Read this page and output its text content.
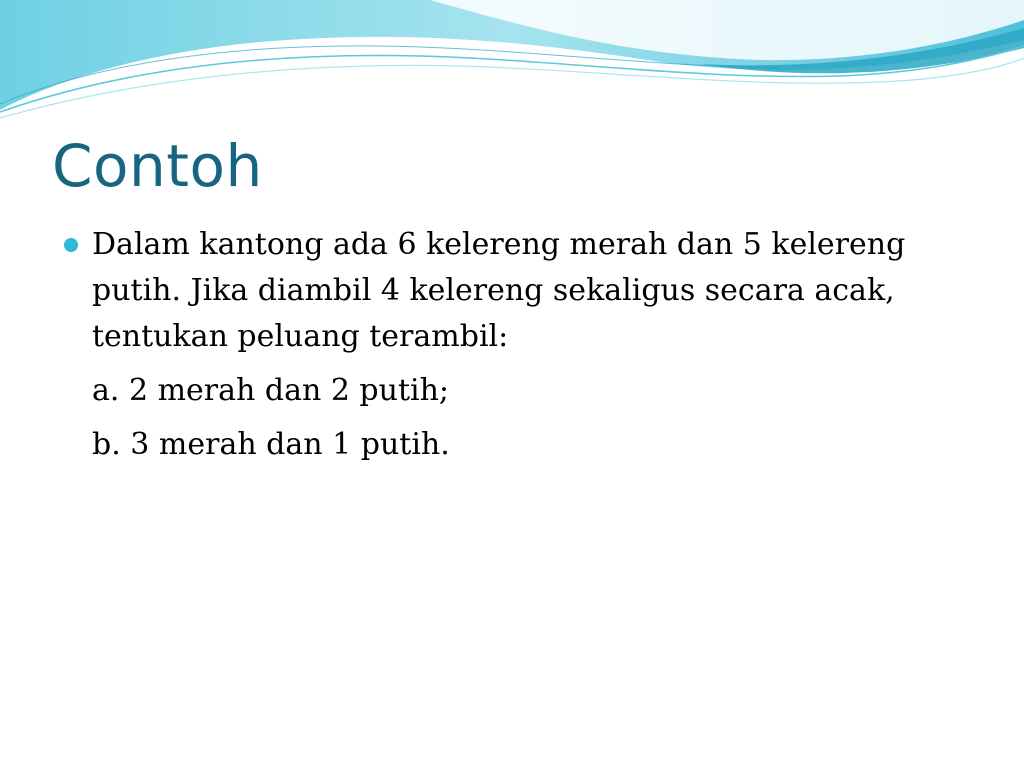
Contoh
Dalam kantong ada 6 kelereng merah dan 5 kelereng putih. Jika diambil 4 kelereng sekaligus secara acak, tentukan peluang terambil:
a. 2 merah dan 2 putih;
b. 3 merah dan 1 putih.
